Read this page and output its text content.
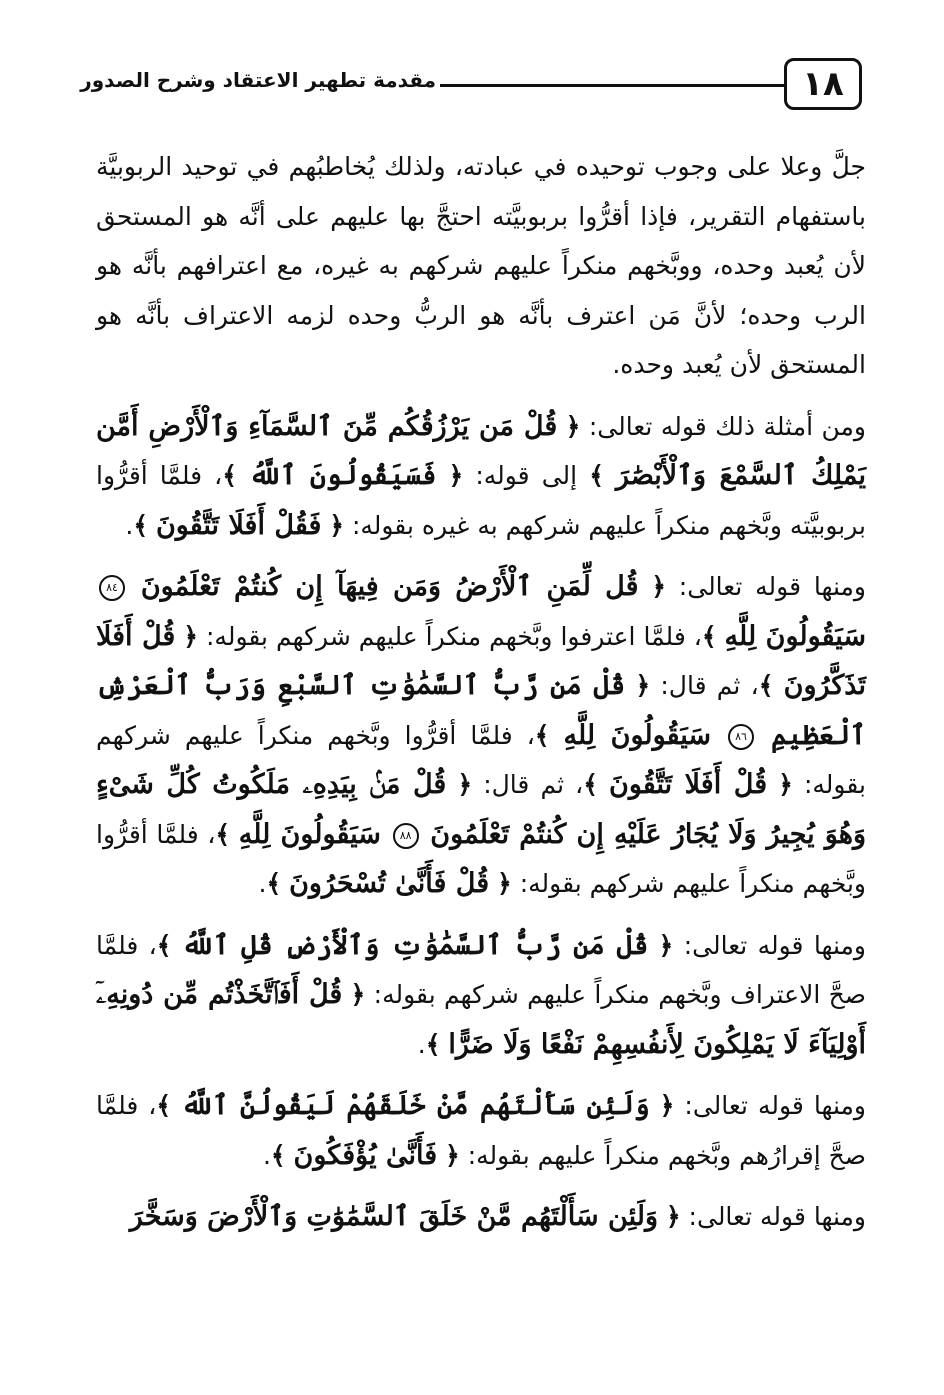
١٨
مقدمة تطهير الاعتقاد وشرح الصدور

جلَّ وعلا على وجوب توحيده في عبادته، ولذلك يُخاطبُهم في توحيد الربوبيَّة باستفهام التقرير، فإذا أقرُّوا بربوبيَّته احتجَّ بها عليهم على أنَّه هو المستحق لأن يُعبد وحده، ووبَّخهم منكراً عليهم شركهم به غيره، مع اعترافهم بأنَّه هو الرب وحده؛ لأنَّ مَن اعترف بأنَّه هو الربُّ وحده لزمه الاعتراف بأنَّه هو المستحق لأن يُعبد وحده.

ومن أمثلة ذلك قوله تعالى: ﴿ قُلْ مَن يَرْزُقُكُم مِّنَ ٱلسَّمَآءِ وَٱلْأَرْضِ أَمَّن يَمْلِكُ ٱلسَّمْعَ وَٱلْأَبْصَٰرَ ﴾ إلى قوله: ﴿ فَسَيَقُولُونَ ٱللَّهُ ﴾، فلمَّا أقرُّوا بربوبيَّته وبَّخهم منكراً عليهم شركهم به غيره بقوله: ﴿ فَقُلْ أَفَلَا تَتَّقُونَ ﴾.

ومنها قوله تعالى: ﴿ قُل لِّمَنِ ٱلْأَرْضُ وَمَن فِيهَآ إِن كُنتُمْ تَعْلَمُونَ ٨٤ سَيَقُولُونَ لِلَّهِ ﴾، فلمَّا اعترفوا وبَّخهم منكراً عليهم شركهم بقوله: ﴿ قُلْ أَفَلَا تَذَكَّرُونَ ﴾، ثم قال: ﴿ قُلْ مَن رَّبُّ ٱلسَّمَٰوَٰتِ ٱلسَّبْعِ وَرَبُّ ٱلْعَرْشِ ٱلْعَظِيمِ ٨٦ سَيَقُولُونَ لِلَّهِ ﴾، فلمَّا أقرُّوا وبَّخهم منكراً عليهم شركهم بقوله: ﴿ قُلْ أَفَلَا تَتَّقُونَ ﴾، ثم قال: ﴿ قُلْ مَنۢ بِيَدِهِۦ مَلَكُوتُ كُلِّ شَىْءٍ وَهُوَ يُجِيرُ وَلَا يُجَارُ عَلَيْهِ إِن كُنتُمْ تَعْلَمُونَ ٨٨ سَيَقُولُونَ لِلَّهِ ﴾، فلمَّا أقرُّوا وبَّخهم منكراً عليهم شركهم بقوله: ﴿ قُلْ فَأَنَّىٰ تُسْحَرُونَ ﴾.

ومنها قوله تعالى: ﴿ قُلْ مَن رَّبُّ ٱلسَّمَٰوَٰتِ وَٱلْأَرْضِ قُلِ ٱللَّهُ ﴾، فلمَّا صحَّ الاعتراف وبَّخهم منكراً عليهم شركهم بقوله: ﴿ قُلْ أَفَٱتَّخَذْتُم مِّن دُونِهِۦٓ أَوْلِيَآءَ لَا يَمْلِكُونَ لِأَنفُسِهِمْ نَفْعًا وَلَا ضَرًّا ﴾.

ومنها قوله تعالى: ﴿ وَلَئِن سَأَلْتَهُم مَّنْ خَلَقَهُمْ لَيَقُولُنَّ ٱللَّهُ ﴾، فلمَّا صحَّ إقرارُهم وبَّخهم منكراً عليهم بقوله: ﴿ فَأَنَّىٰ يُؤْفَكُونَ ﴾.

ومنها قوله تعالى: ﴿ وَلَئِن سَأَلْتَهُم مَّنْ خَلَقَ ٱلسَّمَٰوَٰتِ وَٱلْأَرْضَ وَسَخَّرَ
